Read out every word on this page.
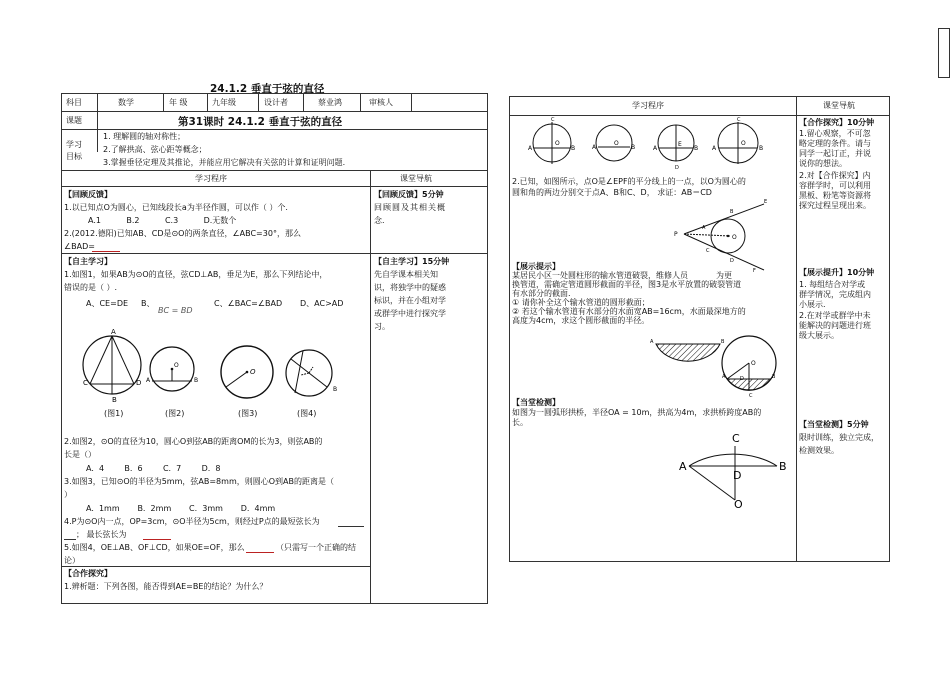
24.1.2 垂直于弦的直径
科目	数学	年 级	九年级	设计者	蔡业鸿	审核人
课题	第31课时 24.1.2 垂直于弦的直径
学习
目标
1. 理解圆的轴对称性；
2.了解拱高、弦心距等概念；
3.掌握垂径定理及其推论，并能应用它解决有关弦的计算和证明问题.
学习程序	课堂导航
【回顾反馈】
1.以已知点O为圆心，已知线段长a为半径作圆，可以作（ ）个.
A.1          B.2          C.3          D.无数个
2.(2012.德阳)已知AB、CD是⊙O的两条直径，∠ABC=30°，那么
∠BAD=
【回顾反馈】5分钟
回顾圆及其相关概
念.
【自主学习】
1.如图1，如果AB为⊙O的直径，弦CD⊥AB，垂足为E，那么下列结论中，
错误的是（ ）.
A、CE=DE B、
BC = BD
C、∠BAC=∠BAD D、AC>AD
【自主学习】15分钟
先自学课本相关知
识，将独学中的疑惑
标识，并在小组对学
或群学中进行探究学
习。
A
C	D
B
O
A	B
O
B
(图1)	(图2)	(图3)	(图4)
2.如图2，⊙O的直径为10，圆心O到弦AB的距离OM的长为3，则弦AB的
长是（）
A.  4        B.  6        C.  7        D.  8
3.如图3，已知⊙O的半径为5mm，弦AB=8mm，则圆心O到AB的距离是（
）
A.  1mm       B.  2mm       C.  3mm       D.  4mm
4.P为⊙O内一点，OP=3cm，⊙O半径为5cm，则经过P点的最短弦长为
； 最长弦长为
5.如图4，OE⊥AB、OF⊥CD，如果OE=OF，那么	（只需写一个正确的结
论）
【合作探究】
1.辨析题：下列各图，能否得到AE=BE的结论？为什么？
学习程序	课堂导航
C
A
O
B	A
O
B	A
E
B
D
C
A
O
B
2.已知，如图所示，点O是∠EPF的平分线上的一点，以O为圆心的
圆和角的两边分别交于点A、B和C、D， 求证：AB＝CD
P
A
B
C
O
D
E
F
【展示提示】
某居民小区一处圆柱形的输水管道破裂，维修人员           为更
换管道，需确定管道圆形截面的半径，图3是水平放置的破裂管道
有水部分的截面.
① 请你补全这个输水管道的圆形截面；
② 若这个输水管道有水部分的水面宽AB=16cm，水面最深地方的
高度为4cm，求这个圆形截面的半径。
A	B
O
D
A	B
C
【当堂检测】
如图为一圆弧形拱桥，半径OA = 10m，拱高为4m，求拱桥跨度AB的
长。
C
A	B
D
O
【合作探究】10分钟
1.留心观察，不可忽
略定理的条件。请与
同学一起订正，并说
说你的想法。
2.对【合作探究】内
容群学时，可以利用
黑板、粉笔等资源将
探究过程呈现出来。
【展示提升】10分钟
1. 每组结合对学或
群学情况，完成组内
小展示.
2.在对学或群学中未
能解决的问题进行班
级大展示。
【当堂检测】5分钟
限时训练，独立完成，
检测效果。
